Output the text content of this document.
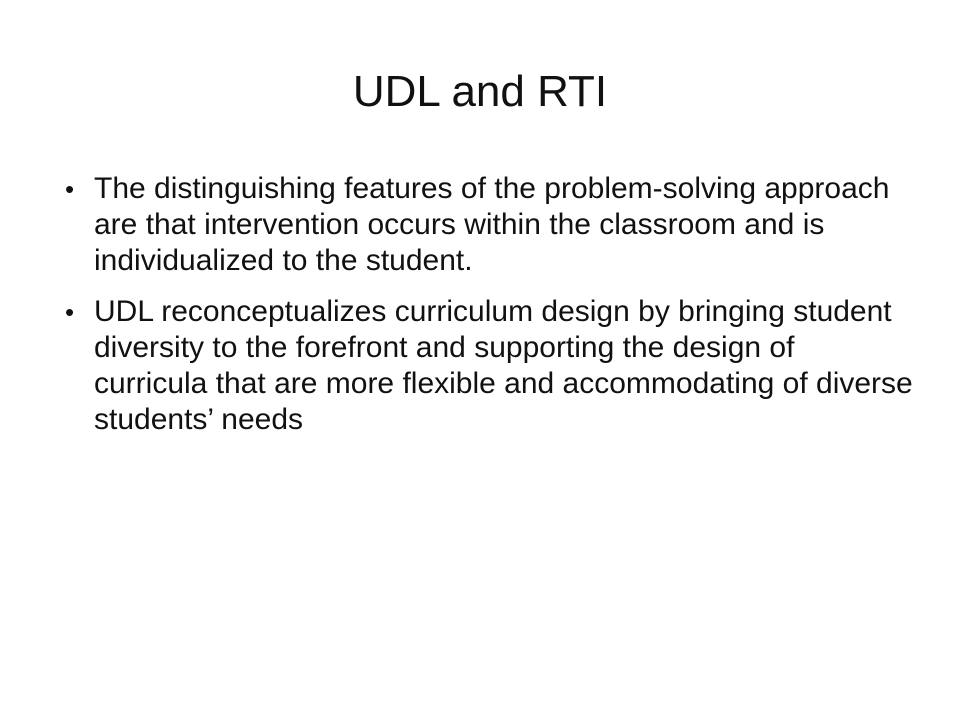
UDL and RTI
• The distinguishing features of the problem-solving approach are that intervention occurs within the classroom and is individualized to the student.
• UDL reconceptualizes curriculum design by bringing student diversity to the forefront and supporting the design of curricula that are more flexible and accommodating of diverse students’ needs
